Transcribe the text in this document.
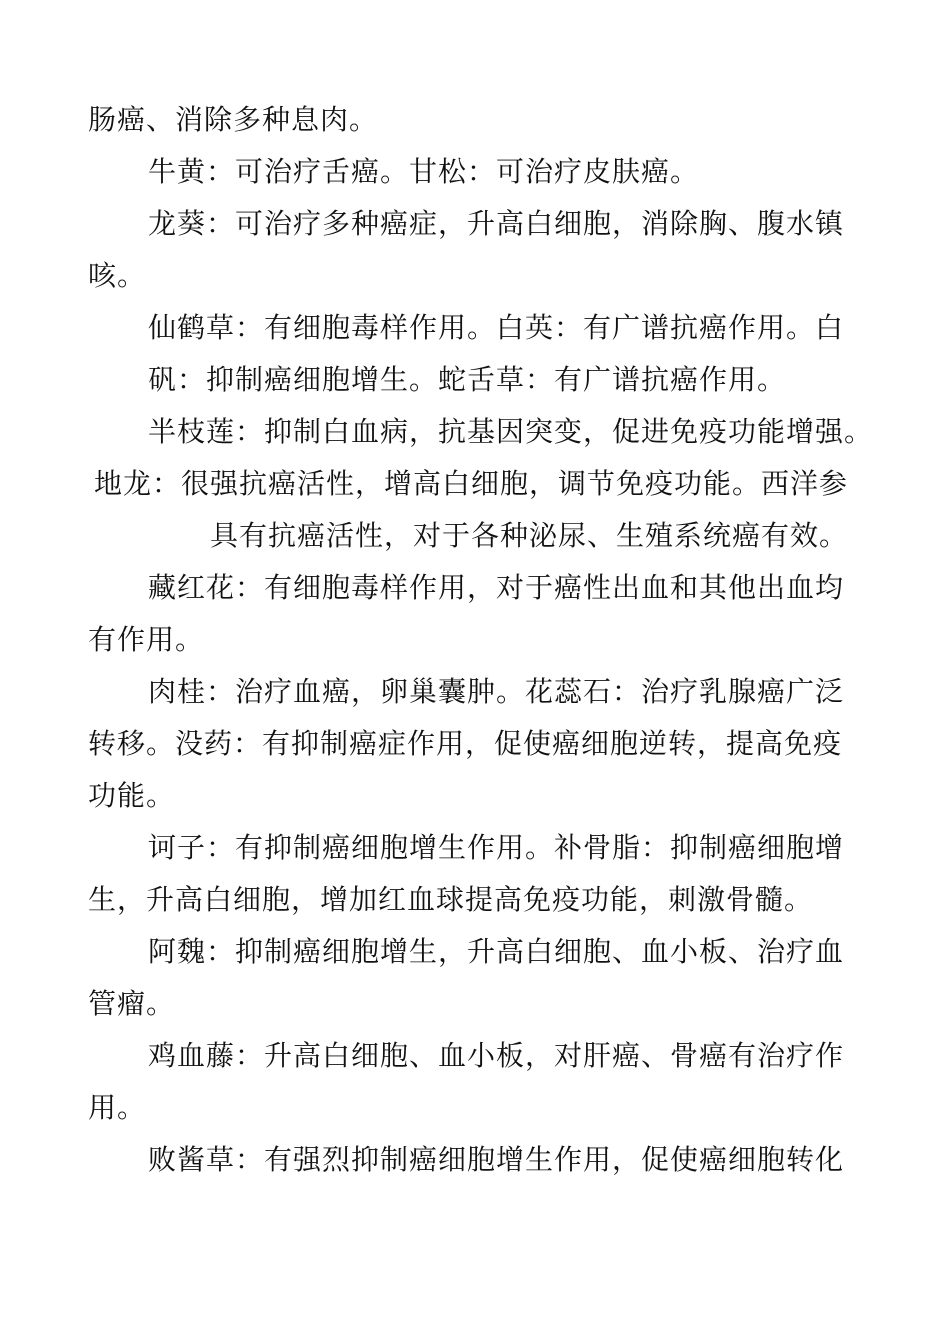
肠癌、消除多种息肉。
牛黄：可治疗舌癌。甘松：可治疗皮肤癌。
龙葵：可治疗多种癌症，升高白细胞，消除胸、腹水镇
咳。
仙鹤草：有细胞毒样作用。白英：有广谱抗癌作用。白
矾：抑制癌细胞增生。蛇舌草：有广谱抗癌作用。
半枝莲：抑制白血病，抗基因突变，促进免疫功能增强。
地龙：很强抗癌活性，增高白细胞，调节免疫功能。西洋参
具有抗癌活性，对于各种泌尿、生殖系统癌有效。
藏红花：有细胞毒样作用，对于癌性出血和其他出血均
有作用。
肉桂：治疗血癌，卵巢囊肿。花蕊石：治疗乳腺癌广泛
转移。没药：有抑制癌症作用，促使癌细胞逆转，提高免疫
功能。
诃子：有抑制癌细胞增生作用。补骨脂：抑制癌细胞增
生，升高白细胞，增加红血球提高免疫功能，刺激骨髓。
阿魏：抑制癌细胞增生，升高白细胞、血小板、治疗血
管瘤。
鸡血藤：升高白细胞、血小板，对肝癌、骨癌有治疗作
用。
败酱草：有强烈抑制癌细胞增生作用，促使癌细胞转化
